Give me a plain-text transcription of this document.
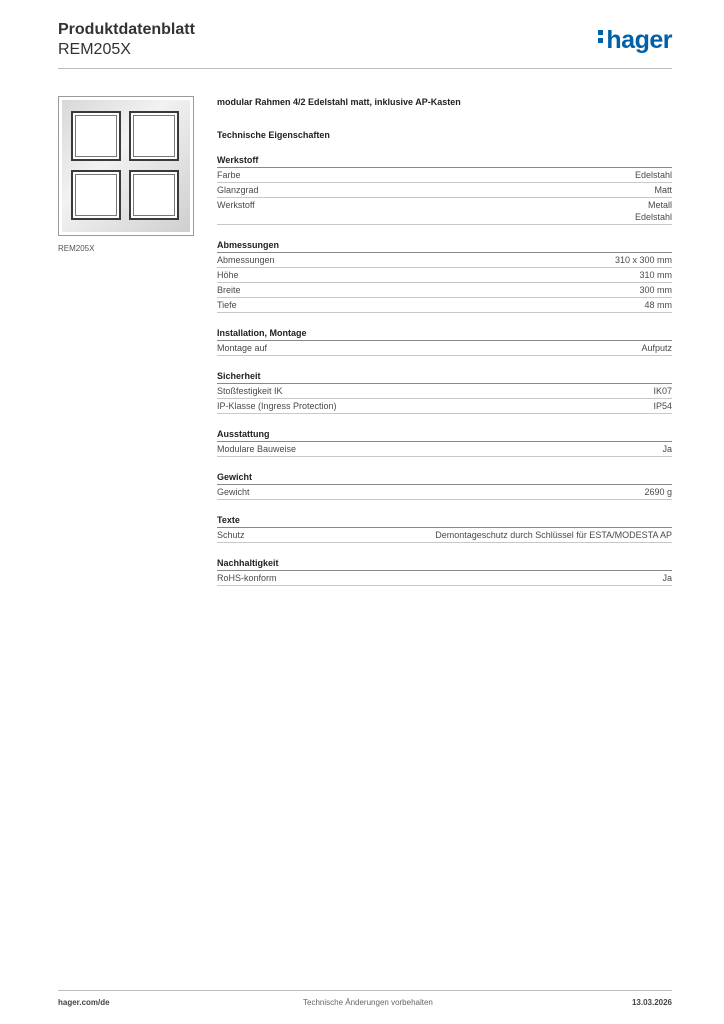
Produktdatenblatt
REM205X	hager
REM205X
modular Rahmen 4/2 Edelstahl matt, inklusive AP-Kasten
Technische Eigenschaften
Werkstoff
Farbe	Edelstahl
Glanzgrad	Matt
Werkstoff	Metall
Edelstahl
Abmessungen
Abmessungen	310 x 300 mm
Höhe	310 mm
Breite	300 mm
Tiefe	48 mm
Installation, Montage
Montage auf	Aufputz
Sicherheit
Stoßfestigkeit IK	IK07
IP-Klasse (Ingress Protection)	IP54
Ausstattung
Modulare Bauweise	Ja
Gewicht
Gewicht	2690 g
Texte
Schutz	Demontageschutz durch Schlüssel für ESTA/MODESTA AP
Nachhaltigkeit
RoHS-konform	Ja
hager.com/de	Technische Änderungen vorbehalten	13.03.2026
